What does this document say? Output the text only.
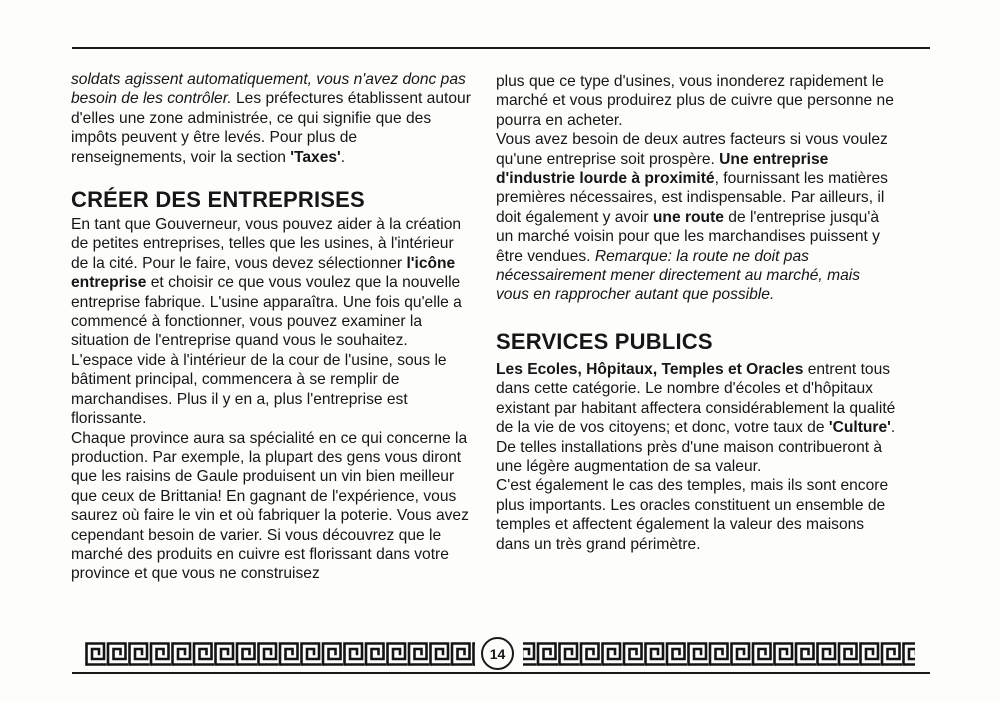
soldats agissent automatiquement, vous n'avez donc pas besoin de les contrôler. Les préfectures établissent autour d'elles une zone administrée, ce qui signifie que des impôts peuvent y être levés. Pour plus de renseignements, voir la section 'Taxes'.

CRÉER DES ENTREPRISES

En tant que Gouverneur, vous pouvez aider à la création de petites entreprises, telles que les usines, à l'intérieur de la cité. Pour le faire, vous devez sélectionner l'icône entreprise et choisir ce que vous voulez que la nouvelle entreprise fabrique. L'usine apparaîtra. Une fois qu'elle a commencé à fonctionner, vous pouvez examiner la situation de l'entreprise quand vous le souhaitez. L'espace vide à l'intérieur de la cour de l'usine, sous le bâtiment principal, commencera à se remplir de marchandises. Plus il y en a, plus l'entreprise est florissante.

Chaque province aura sa spécialité en ce qui concerne la production. Par exemple, la plupart des gens vous diront que les raisins de Gaule produisent un vin bien meilleur que ceux de Brittania! En gagnant de l'expérience, vous saurez où faire le vin et où fabriquer la poterie. Vous avez cependant besoin de varier. Si vous découvrez que le marché des produits en cuivre est florissant dans votre province et que vous ne construisez

plus que ce type d'usines, vous inonderez rapidement le marché et vous produirez plus de cuivre que personne ne pourra en acheter.

Vous avez besoin de deux autres facteurs si vous voulez qu'une entreprise soit prospère. Une entreprise d'industrie lourde à proximité, fournissant les matières premières nécessaires, est indispensable. Par ailleurs, il doit également y avoir une route de l'entreprise jusqu'à un marché voisin pour que les marchandises puissent y être vendues. Remarque: la route ne doit pas nécessairement mener directement au marché, mais vous en rapprocher autant que possible.

SERVICES PUBLICS

Les Ecoles, Hôpitaux, Temples et Oracles entrent tous dans cette catégorie. Le nombre d'écoles et d'hôpitaux existant par habitant affectera considérablement la qualité de la vie de vos citoyens; et donc, votre taux de 'Culture'. De telles installations près d'une maison contribueront à une légère augmentation de sa valeur.

C'est également le cas des temples, mais ils sont encore plus importants. Les oracles constituent un ensemble de temples et affectent également la valeur des maisons dans un très grand périmètre.

14
